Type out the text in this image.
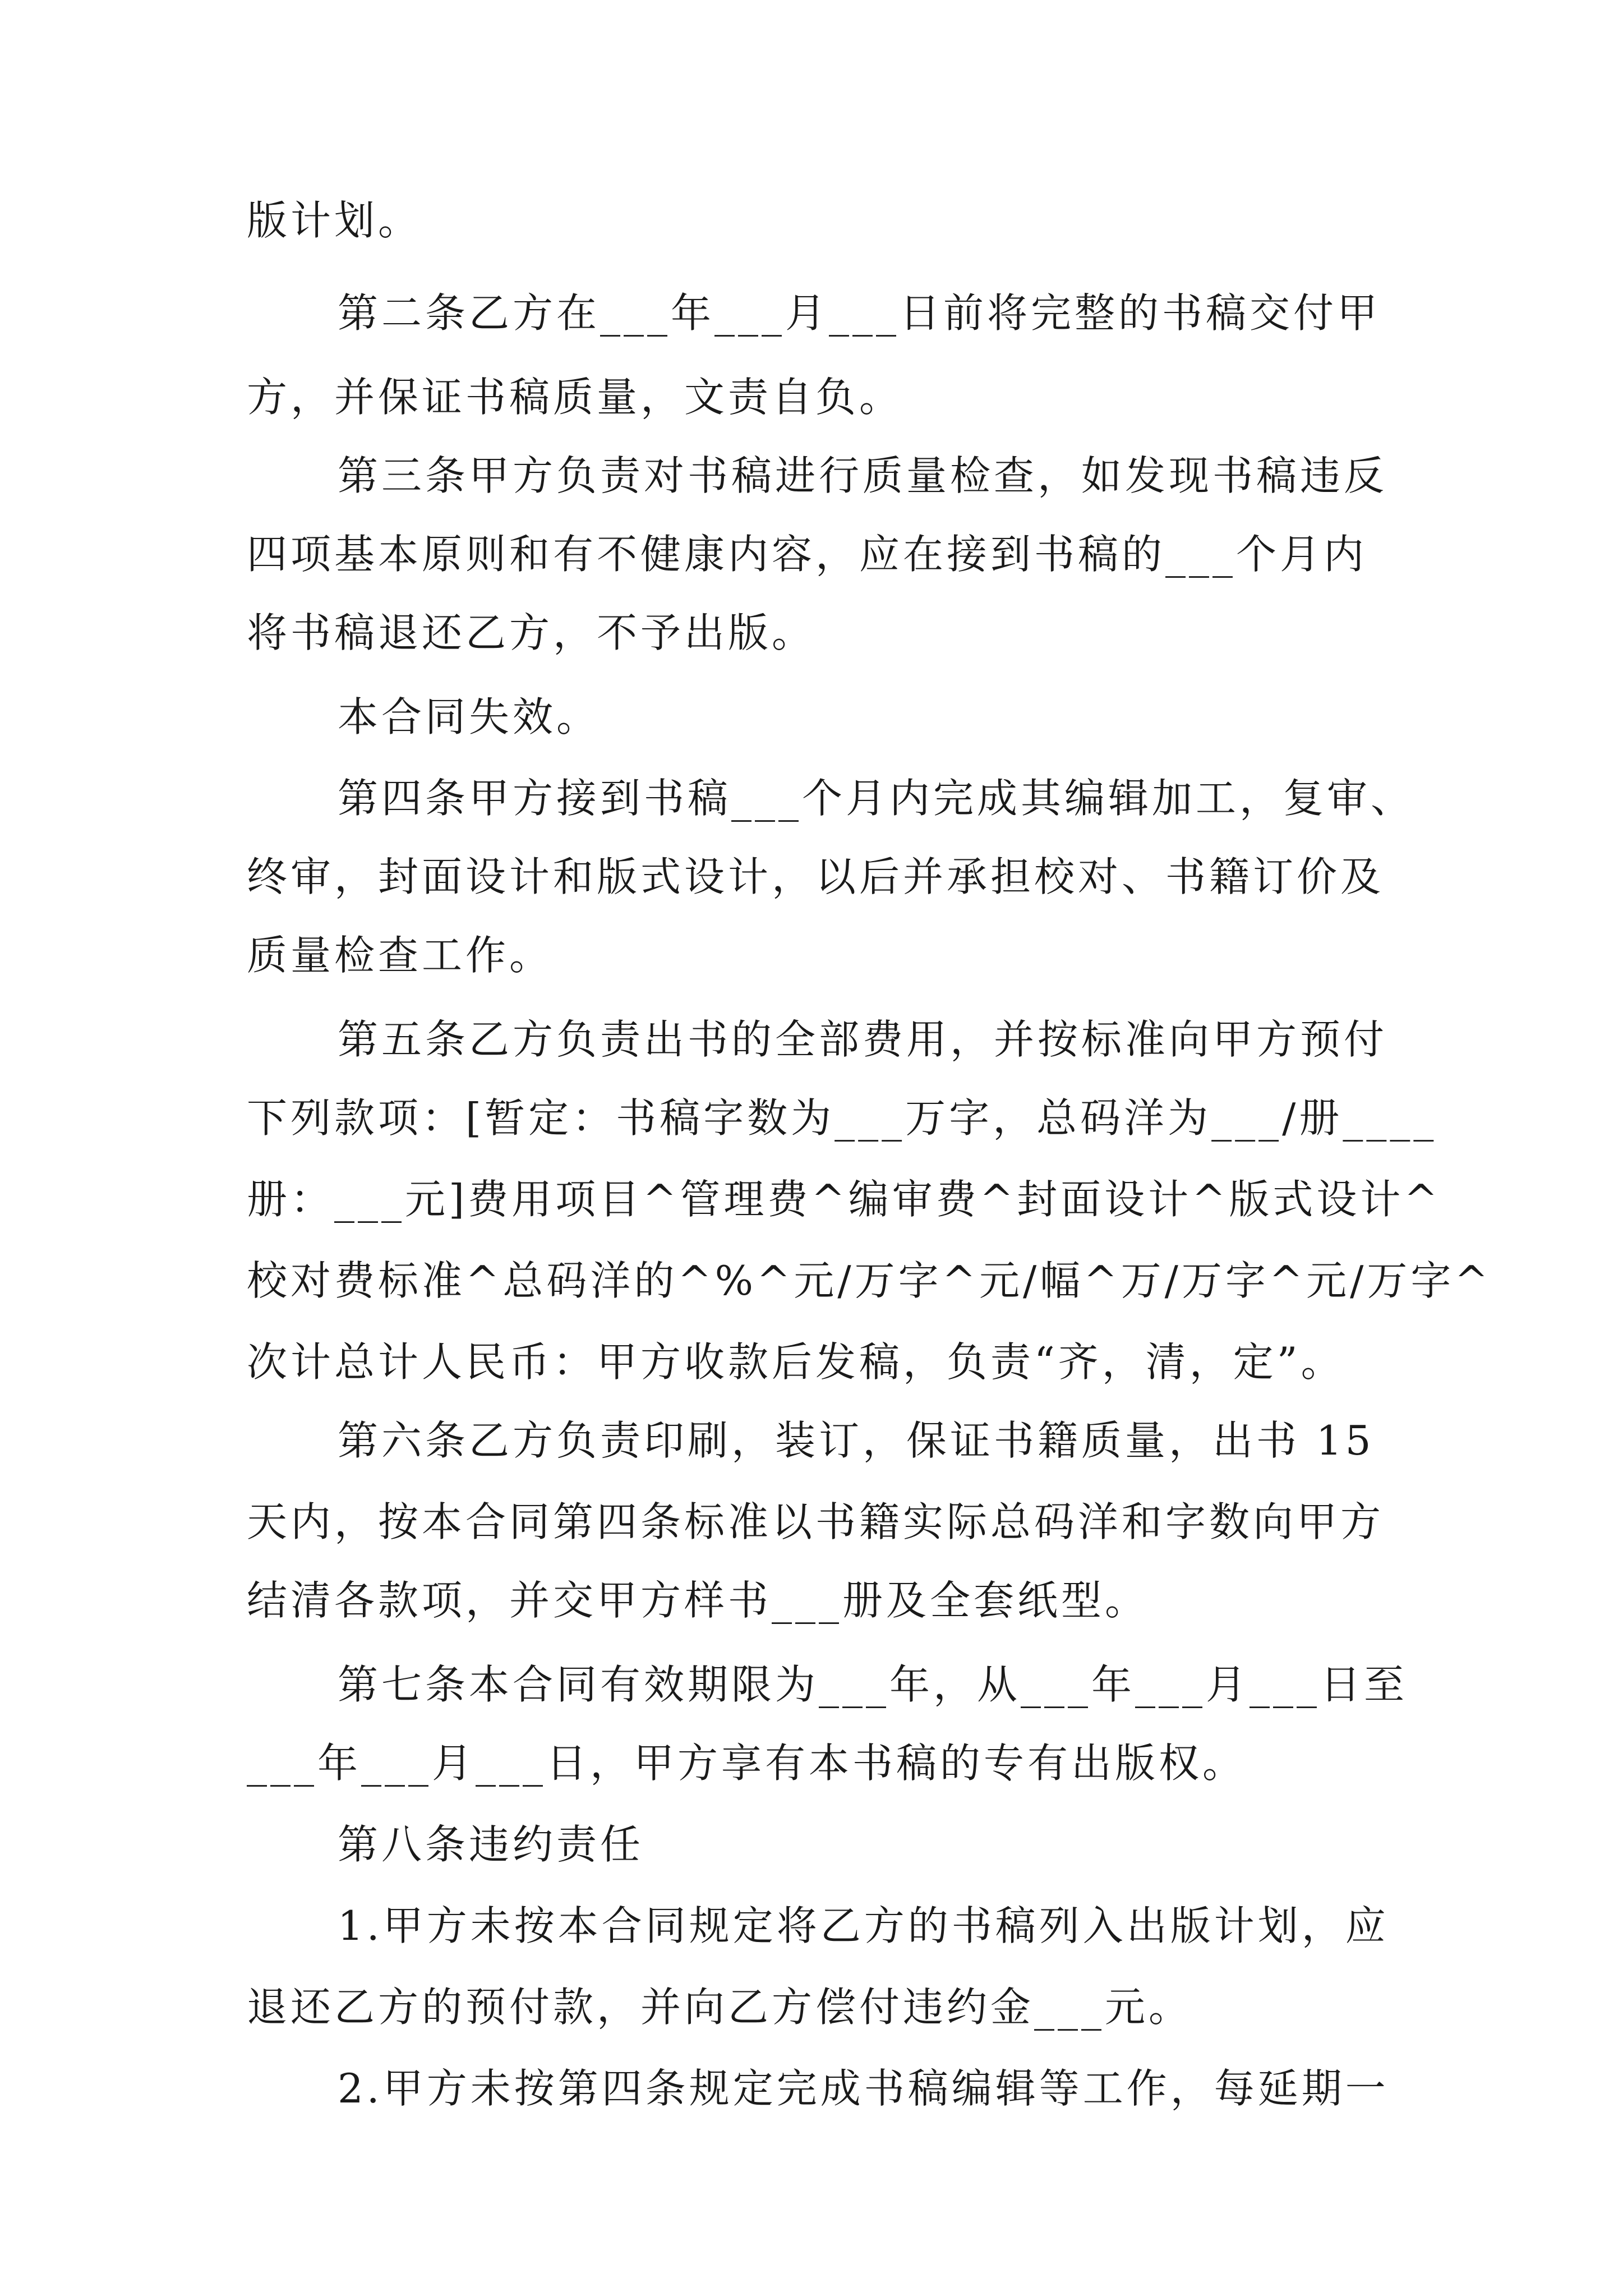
版计划。
第二条乙方在___年___月___日前将完整的书稿交付甲
方，并保证书稿质量，文责自负。
第三条甲方负责对书稿进行质量检查，如发现书稿违反
四项基本原则和有不健康内容，应在接到书稿的___个月内
将书稿退还乙方，不予出版。
本合同失效。
第四条甲方接到书稿___个月内完成其编辑加工，复审、
终审，封面设计和版式设计，以后并承担校对、书籍订价及
质量检查工作。
第五条乙方负责出书的全部费用，并按标准向甲方预付
下列款项：[暂定：书稿字数为___万字，总码洋为___/册____
册：___元]费用项目^管理费^编审费^封面设计^版式设计^
校对费标准^总码洋的^%^元/万字^元/幅^万/万字^元/万字^
次计总计人民币：甲方收款后发稿，负责“齐，清，定”。
第六条乙方负责印刷，装订，保证书籍质量，出书 15
天内，按本合同第四条标准以书籍实际总码洋和字数向甲方
结清各款项，并交甲方样书___册及全套纸型。
第七条本合同有效期限为___年，从___年___月___日至
___年___月___日，甲方享有本书稿的专有出版权。
第八条违约责任
1.甲方未按本合同规定将乙方的书稿列入出版计划，应
退还乙方的预付款，并向乙方偿付违约金___元。
2.甲方未按第四条规定完成书稿编辑等工作，每延期一
